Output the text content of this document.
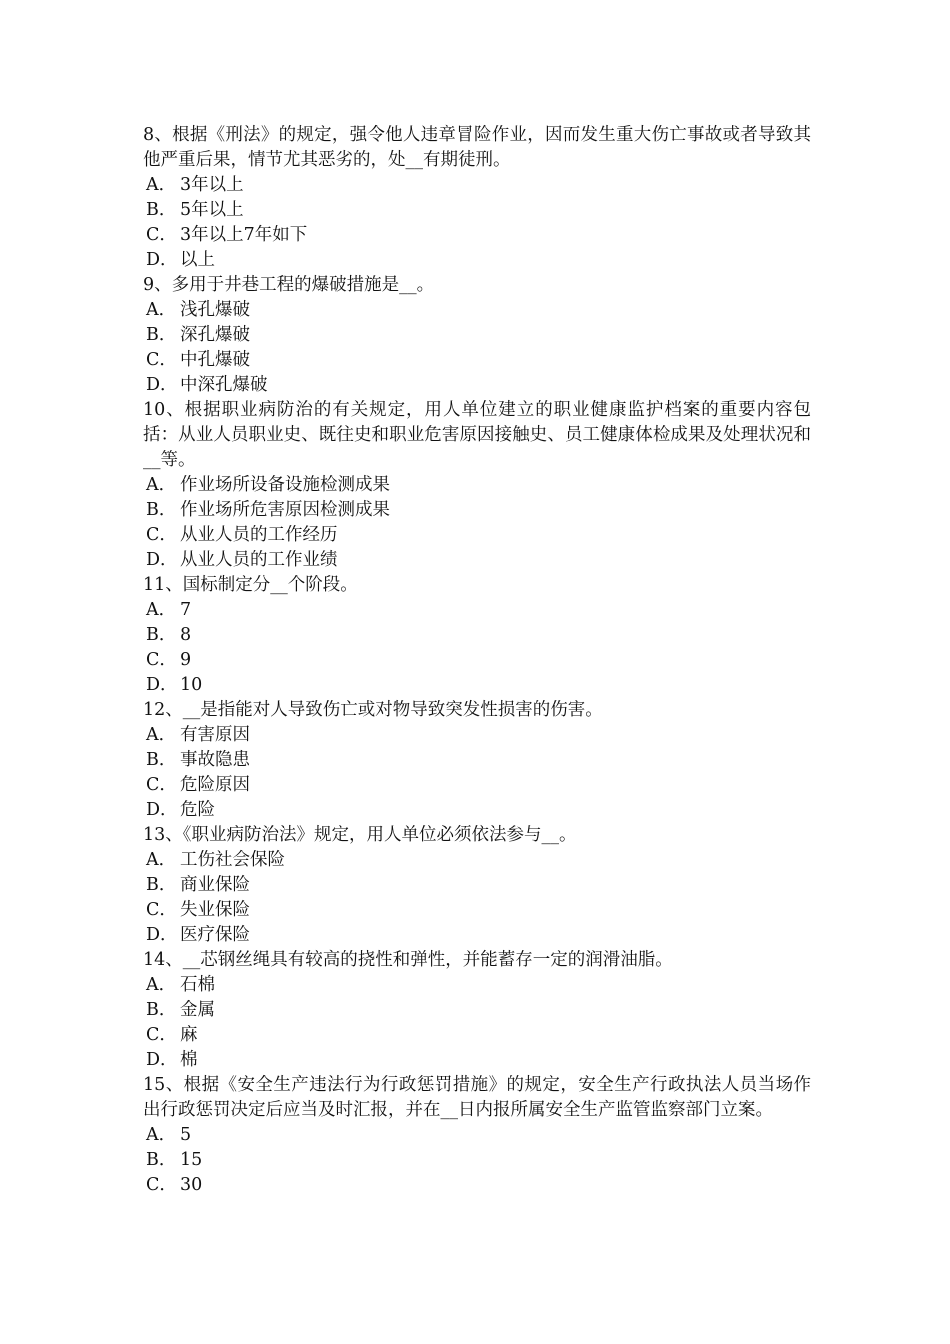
8、根据《刑法》的规定，强令他人违章冒险作业，因而发生重大伤亡事故或者导致其他严重后果，情节尤其恶劣的，处__有期徒刑。

A． 3年以上

B． 5年以上

C． 3年以上7年如下

D． 以上

9、多用于井巷工程的爆破措施是__。

A． 浅孔爆破

B． 深孔爆破

C． 中孔爆破

D． 中深孔爆破

10、根据职业病防治的有关规定，用人单位建立的职业健康监护档案的重要内容包括：从业人员职业史、既往史和职业危害原因接触史、员工健康体检成果及处理状况和__等。

A． 作业场所设备设施检测成果

B． 作业场所危害原因检测成果

C． 从业人员的工作经历

D． 从业人员的工作业绩

11、国标制定分__个阶段。

A． 7

B． 8

C． 9

D． 10

12、__是指能对人导致伤亡或对物导致突发性损害的伤害。

A． 有害原因

B． 事故隐患

C． 危险原因

D． 危险

13、《职业病防治法》规定，用人单位必须依法参与__。

A． 工伤社会保险

B． 商业保险

C． 失业保险

D． 医疗保险

14、__芯钢丝绳具有较高的挠性和弹性，并能蓄存一定的润滑油脂。

A． 石棉

B． 金属

C． 麻

D． 棉

15、根据《安全生产违法行为行政惩罚措施》的规定，安全生产行政执法人员当场作出行政惩罚决定后应当及时汇报，并在__日内报所属安全生产监管监察部门立案。

A． 5

B． 15

C． 30
